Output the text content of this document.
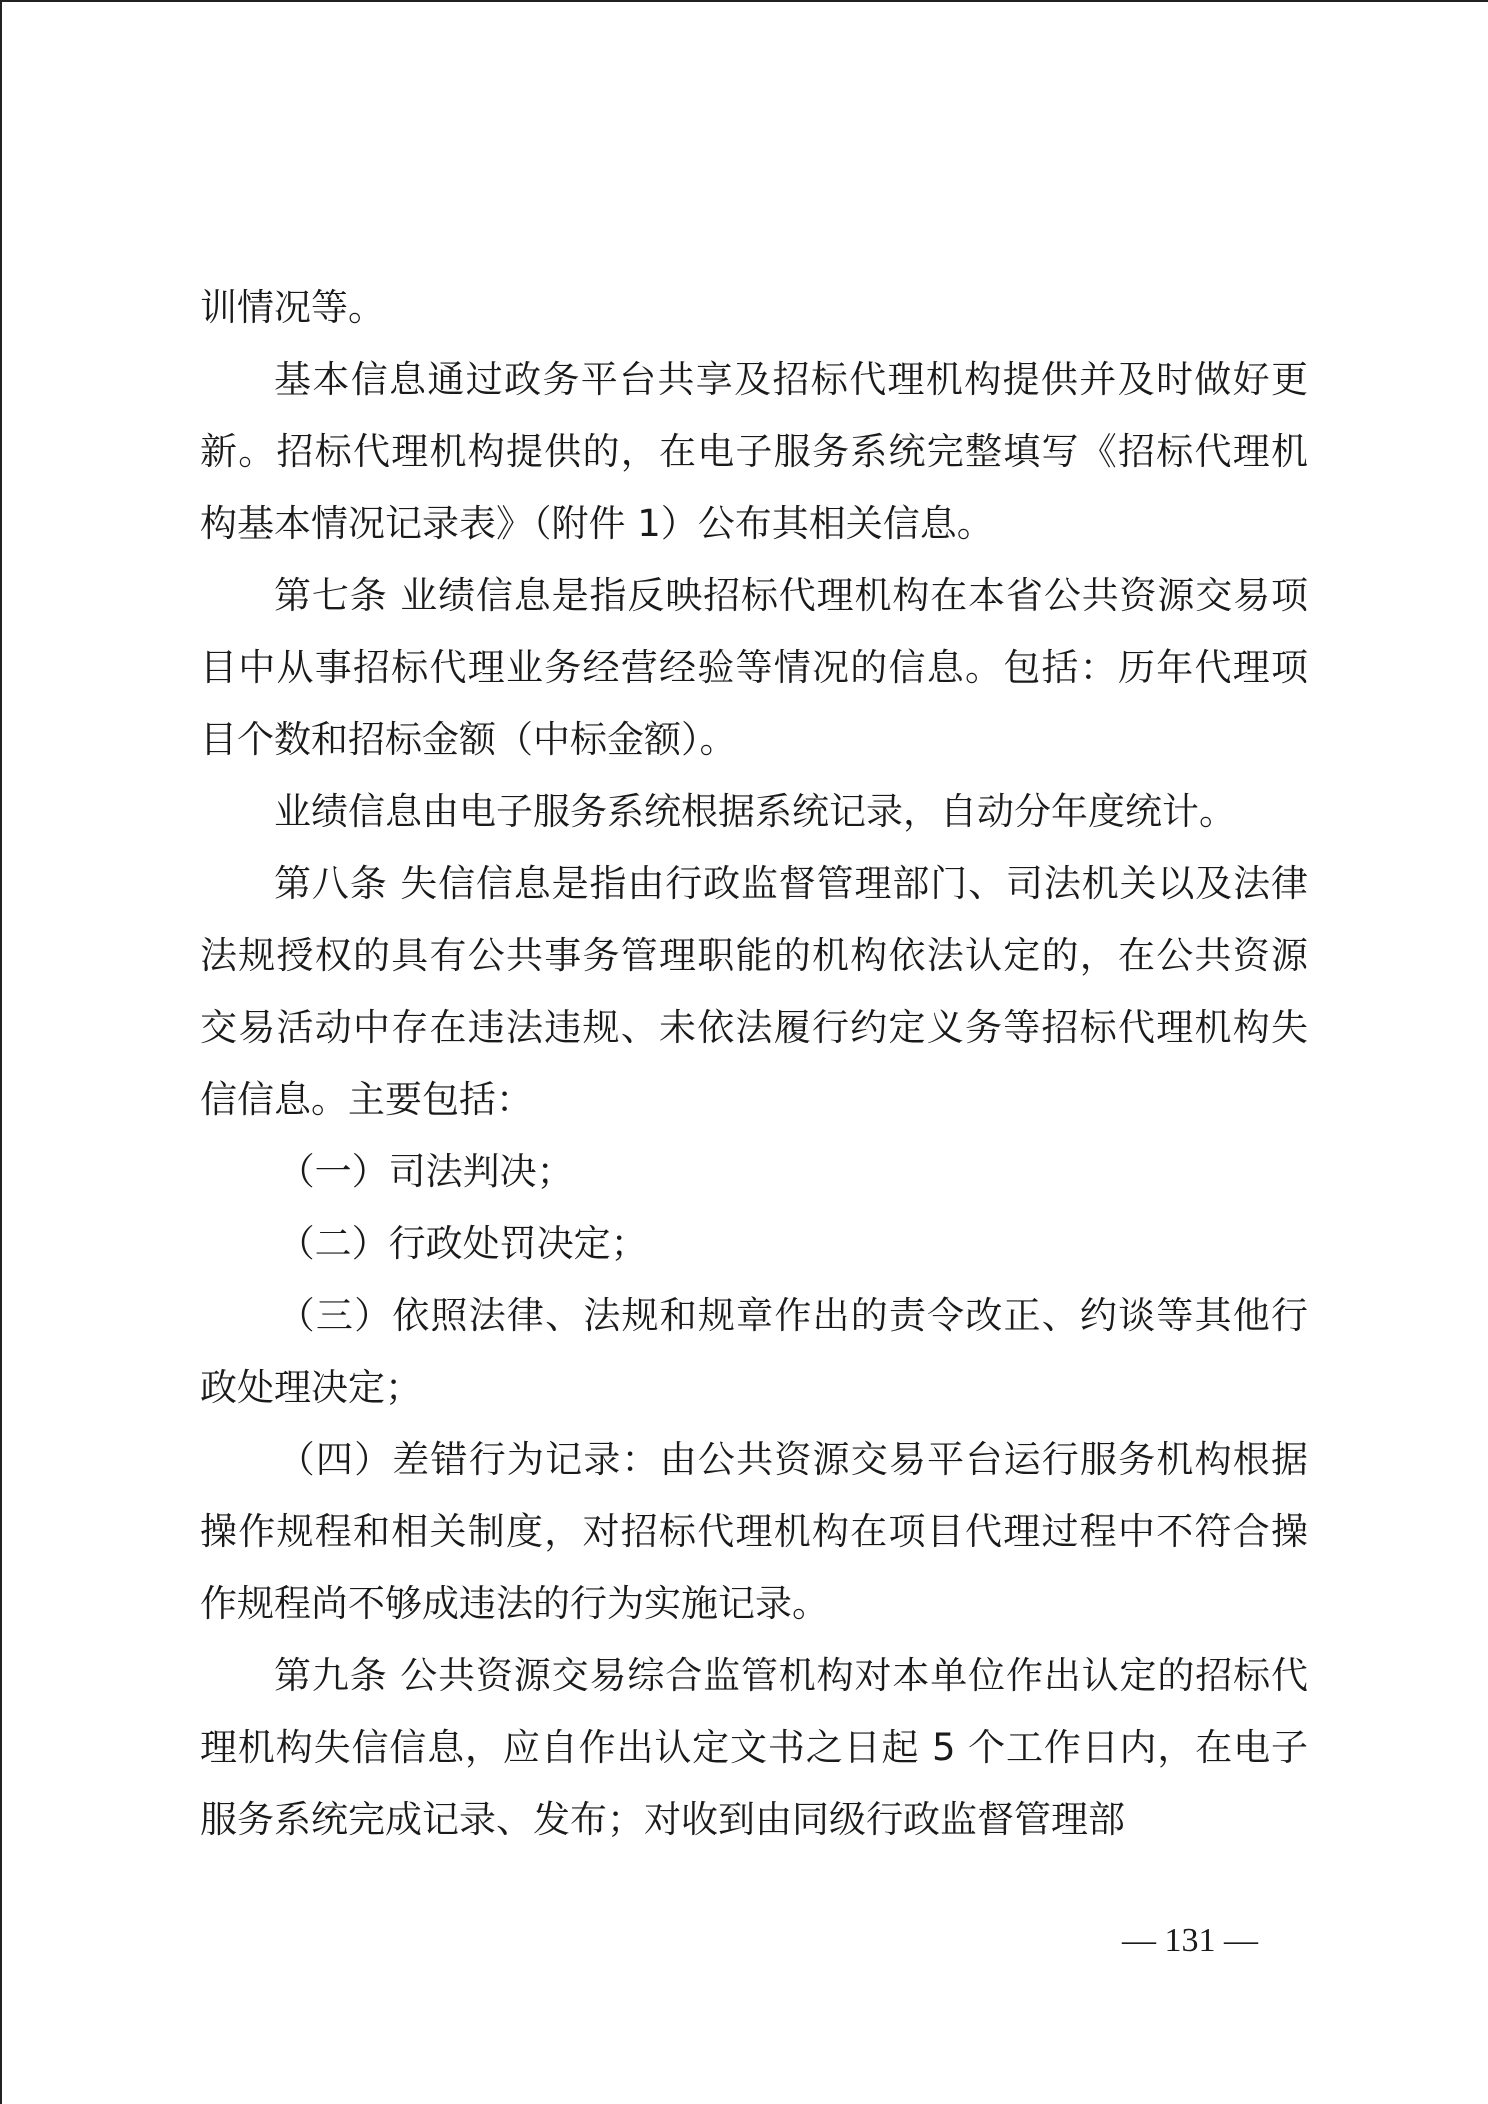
训情况等。

基本信息通过政务平台共享及招标代理机构提供并及时做好更新。招标代理机构提供的，在电子服务系统完整填写《招标代理机构基本情况记录表》（附件 1）公布其相关信息。

第七条 业绩信息是指反映招标代理机构在本省公共资源交易项目中从事招标代理业务经营经验等情况的信息。包括：历年代理项目个数和招标金额（中标金额）。

业绩信息由电子服务系统根据系统记录，自动分年度统计。

第八条 失信信息是指由行政监督管理部门、司法机关以及法律法规授权的具有公共事务管理职能的机构依法认定的，在公共资源交易活动中存在违法违规、未依法履行约定义务等招标代理机构失信信息。主要包括：

（一）司法判决；

（二）行政处罚决定；

（三）依照法律、法规和规章作出的责令改正、约谈等其他行政处理决定；

（四）差错行为记录：由公共资源交易平台运行服务机构根据操作规程和相关制度，对招标代理机构在项目代理过程中不符合操作规程尚不够成违法的行为实施记录。

第九条 公共资源交易综合监管机构对本单位作出认定的招标代理机构失信信息，应自作出认定文书之日起 5 个工作日内，在电子服务系统完成记录、发布；对收到由同级行政监督管理部

— 131 —
